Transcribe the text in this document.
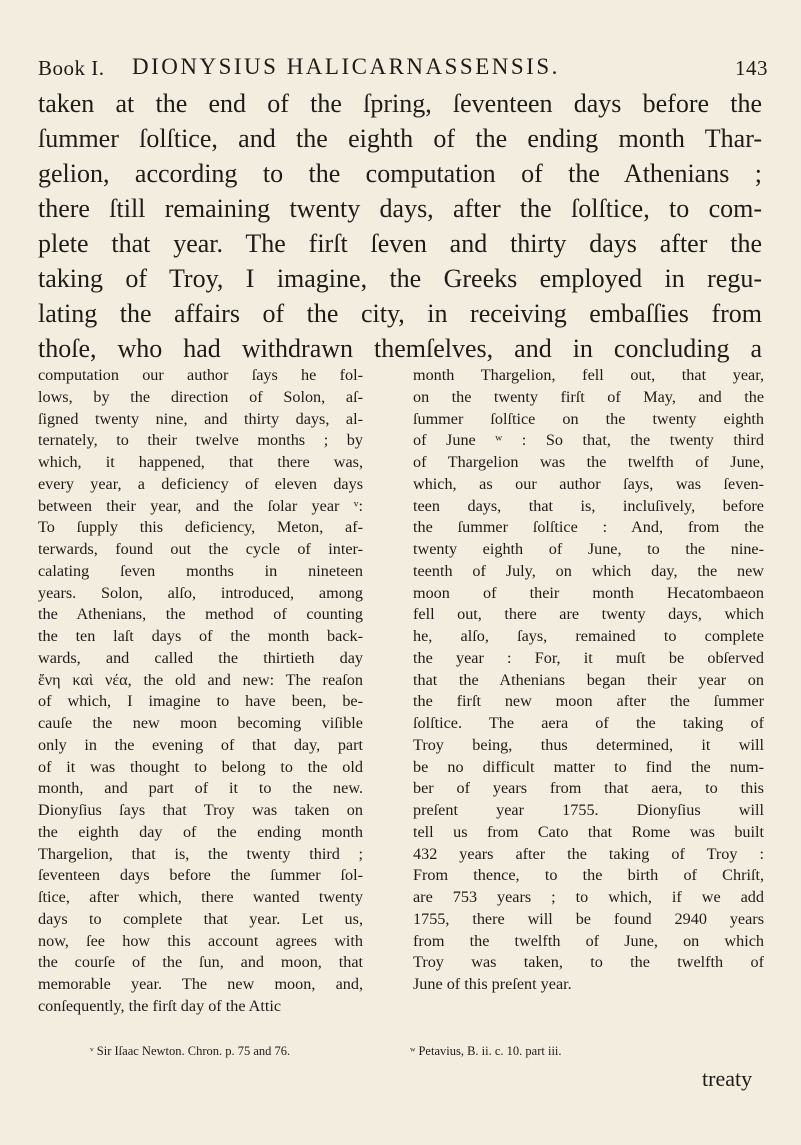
Book I. DIONYSIUS HALICARNASSENSIS.	143
taken at the end of the ſpring, ſeventeen days before the
ſummer ſolſtice, and the eighth of the ending month Thar-
gelion, according to the computation of the Athenians ;
there ſtill remaining twenty days, after the ſolſtice, to com-
plete that year. The firſt ſeven and thirty days after the
taking of Troy, I imagine, the Greeks employed in regu-
lating the affairs of the city, in receiving embaſſies from
thoſe, who had withdrawn themſelves, and in concluding a
computation our author ſays he fol-
lows, by the direction of Solon, aſ-
ſigned twenty nine, and thirty days, al-
ternately, to their twelve months ; by
which, it happened, that there was,
every year, a deficiency of eleven days
between their year, and the ſolar year ᵛ:
To ſupply this deficiency, Meton, af-
terwards, found out the cycle of inter-
calating ſeven months in nineteen
years. Solon, alſo, introduced, among
the Athenians, the method of counting
the ten laſt days of the month back-
wards, and called the thirtieth day
ἔνη καὶ νέα, the old and new: The reaſon
of which, I imagine to have been, be-
cauſe the new moon becoming viſible
only in the evening of that day, part
of it was thought to belong to the old
month, and part of it to the new.
Dionyſius ſays that Troy was taken on
the eighth day of the ending month
Thargelion, that is, the twenty third ;
ſeventeen days before the ſummer ſol-
ſtice, after which, there wanted twenty
days to complete that year. Let us,
now, ſee how this account agrees with
the courſe of the ſun, and moon, that
memorable year. The new moon, and,
conſequently, the firſt day of the Attic
month Thargelion, fell out, that year,
on the twenty firſt of May, and the
ſummer ſolſtice on the twenty eighth
of June ʷ : So that, the twenty third
of Thargelion was the twelfth of June,
which, as our author ſays, was ſeven-
teen days, that is, incluſively, before
the ſummer ſolſtice : And, from the
twenty eighth of June, to the nine-
teenth of July, on which day, the new
moon of their month Hecatombaeon
fell out, there are twenty days, which
he, alſo, ſays, remained to complete
the year : For, it muſt be obſerved
that the Athenians began their year on
the firſt new moon after the ſummer
ſolſtice. The aera of the taking of
Troy being, thus determined, it will
be no difficult matter to find the num-
ber of years from that aera, to this
preſent year 1755. Dionyſius will
tell us from Cato that Rome was built
432 years after the taking of Troy :
From thence, to the birth of Chriſt,
are 753 years ; to which, if we add
1755, there will be found 2940 years
from the twelfth of June, on which
Troy was taken, to the twelfth of
June of this preſent year.
ᵛ Sir Iſaac Newton. Chron. p. 75 and 76.	ʷ Petavius, B. ii. c. 10. part iii.
treaty
